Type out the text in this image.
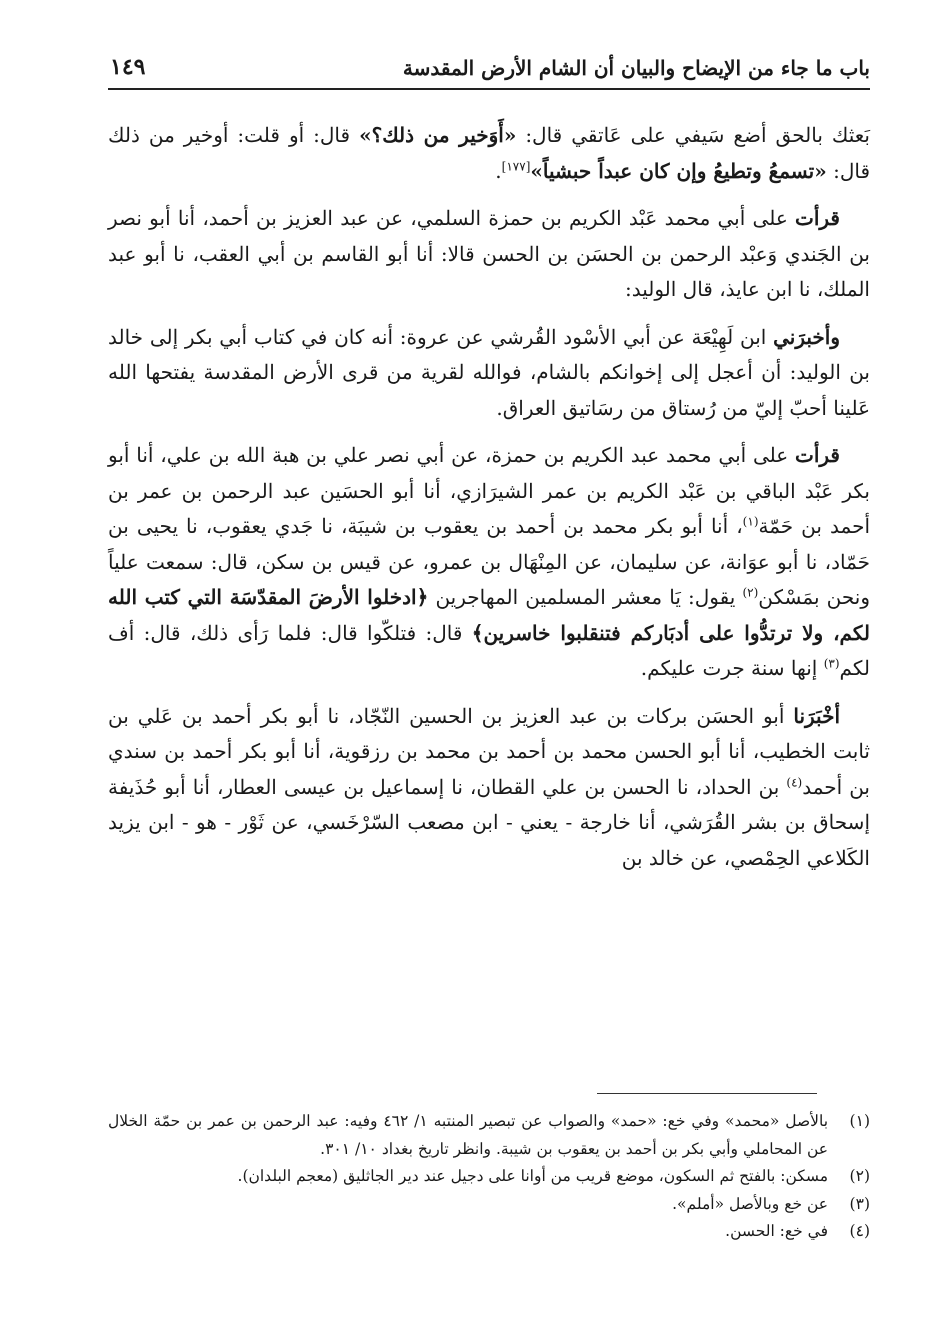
باب ما جاء من الإيضاح والبيان أن الشام الأرض المقدسة
١٤٩

بَعثك بالحق أضع سَيفي على عَاتقي قال: «أَوَخير من ذلك؟» قال: أو قلت: أوخير من ذلك قال: «تسمعُ وتطيعُ وإن كان عبداً حبشياً»[١٧٧].

قرأت على أبي محمد عَبْد الكريم بن حمزة السلمي، عن عبد العزيز بن أحمد، أنا أبو نصر بن الجَندي وَعبْد الرحمن بن الحسَن بن الحسن قالا: أنا أبو القاسم بن أبي العقب، نا أبو عبد الملك، نا ابن عايذ، قال الوليد:

وأخبرَني ابن لَهِيْعَة عن أبي الأسْود القُرشي عن عروة: أنه كان في كتاب أبي بكر إلى خالد بن الوليد: أن أعجل إلى إخوانكم بالشام، فوالله لقرية من قرى الأرض المقدسة يفتحها الله عَلينا أحبّ إليّ من رُستاق من رسَاتيق العراق.

قرأت على أبي محمد عبد الكريم بن حمزة، عن أبي نصر علي بن هبة الله بن علي، أنا أبو بكر عَبْد الباقي بن عَبْد الكريم بن عمر الشيرَازي، أنا أبو الحسَين عبد الرحمن بن عمر بن أحمد بن حَمّة$^{(١)}$، أنا أبو بكر محمد بن أحمد بن يعقوب بن شيبَة، نا جَدي يعقوب، نا يحيى بن حَمّاد، نا أبو عوَانة، عن سليمان، عن المِنْهَال بن عمرو، عن قيس بن سكن، قال: سمعت علياً ونحن بمَسْكن$^{(٢)}$ يقول: يَا معشر المسلمين المهاجرين ﴿ادخلوا الأرضَ المقدّسَة التي كتب الله لكم، ولا ترتدُّوا على أدبَاركم فتنقلبوا خاسرين﴾ قال: فتلكّوا قال: فلما رَأى ذلك، قال: أف لكم$^{(٣)}$ إنها سنة جرت عليكم.

أخْبَرَنا أبو الحسَن بركات بن عبد العزيز بن الحسين النّجّاد، نا أبو بكر أحمد بن عَلي بن ثابت الخطيب، أنا أبو الحسن محمد بن أحمد بن محمد بن رزقوية، أنا أبو بكر أحمد بن سندي بن أحمد$^{(٤)}$ بن الحداد، نا الحسن بن علي القطان، نا إسماعيل بن عيسى العطار، أنا أبو حُذَيفة إسحاق بن بشر القُرَشي، أنا خارجة - يعني - ابن مصعب السّرْخَسي، عن ثَوْر - هو - ابن يزيد الكَلاعي الحِمْصي، عن خالد بن

(١)
بالأصل «محمد» وفي خع: «حمد» والصواب عن تبصير المنتبه ١/ ٤٦٢ وفيه: عبد الرحمن بن عمر بن حمّة الخلال عن المحاملي وأبي بكر بن أحمد بن يعقوب بن شيبة. وانظر تاريخ بغداد ١٠/ ٣٠١.

(٢)
مسكن: بالفتح ثم السكون، موضع قريب من أوانا على دجيل عند دير الجاثليق (معجم البلدان).

(٣)
عن خع وبالأصل «أملم».

(٤)
في خع: الحسن.
